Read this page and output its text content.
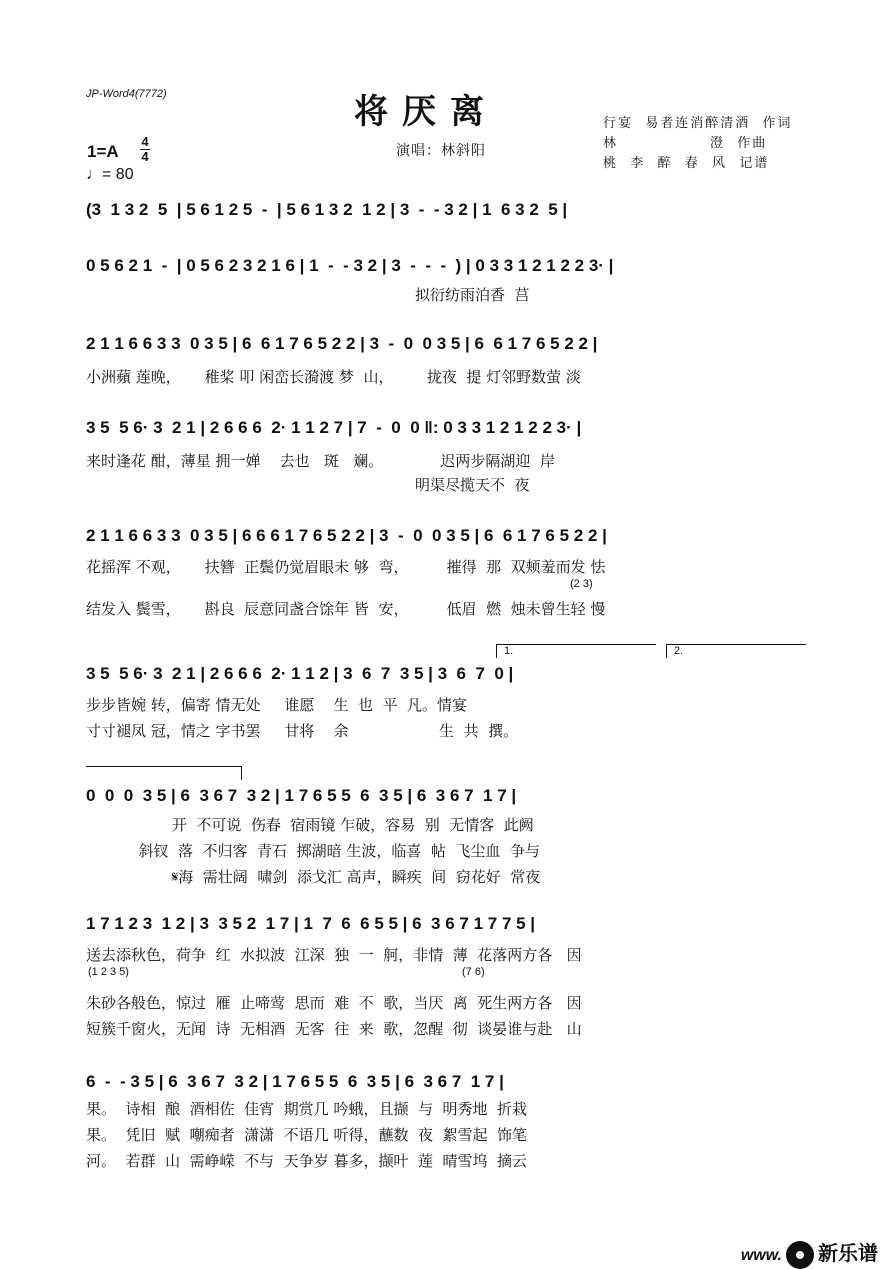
JP-Word4(7772)	将厌离
演唱：林斜阳
行宴  易者连消醉清酒  作词
林               澄  作曲
桃  李  醉  春  风  记谱
1=A
4
4
♩= 80
(3  1 3 2  5  | 5 6 1 2 5  -  | 5 6 1 3 2  1 2 | 3  -  - 3 2 | 1  6 3 2  5 |
0 5 6 2 1  -  | 0 5 6 2 3 2 1 6 | 1  -  - 3 2 | 3  -  -  -  ) | 0 3 3 1 2 1 2 2 3· |
拟衍纺雨泊香  莒
2 1 1 6 6 3 3  0 3 5 | 6  6 1 7 6 5 2 2 | 3  -  0  0 3 5 | 6  6 1 7 6 5 2 2 |
小洲蘋 莲晚，     稚桨 叩 闲峦长漪渡 梦  山，       拢夜  提 灯邻野数萤 淡
3 5  5 6· 3  2 1 | 2 6 6 6  2· 1 1 2 7 | 7  -  0  0 ‖: 0 3 3 1 2 1 2 2 3· |
来时逢花 酣，薄星 拥一婵    去也   斑   斓。            迟两步隔湖迎  岸
明渠尽揽天不  夜
2 1 1 6 6 3 3  0 3 5 | 6 6 6 1 7 6 5 2 2 | 3  -  0  0 3 5 | 6  6 1 7 6 5 2 2 |
花摇浑 不观，     扶簪  正鬓仍觉眉眼未 够  弯，        摧得  那  双颊羞而发 怯
(2 3)
结发入 鬓雪，     斟良  辰意同盏合馀年 皆  安，        低眉  燃  烛未曾生轻 慢
1.	2.
3 5  5 6· 3  2 1 | 2 6 6 6  2· 1 1 2 | 3  6  7  3 5 | 3  6  7  0 |
步步皆婉 转，偏寄 情无处     谁愿    生  也  平  凡。情宴
寸寸褪凤 冠，情之 字书罢     甘将    余                   生  共  撰。
0  0  0  3 5 | 6  3 6 7  3 2 | 1 7 6 5 5  6  3 5 | 6  3 6 7  1 7 |
开  不可说  伤春  宿雨镜 乍破，容易  别  无情客  此阙
斜钗  落  不归客  青石  掷湖暗 生波，临喜  帖  飞尘血  争与
𝄋海  需壮阔  啸剑  添戈汇 高声，瞬疾  间  窃花好  常夜
1 7 1 2 3  1 2 | 3  3 5 2  1 7 | 1  7  6  6 5 5 | 6  3 6 7 1 7 7 5 |
送去添秋色，荷争  红  水拟波  江深  独  一  舸，非情  薄  花落两方各   因
(1 2 3 5)	(7 6)
朱砂各般色，惊过  雁  止啼莺  思而  难  不  歌，当厌  离  死生两方各   因
短簇千窗火，无闻  诗  无相酒  无客  往  来  歌，忽醒  彻  谈晏谁与赴   山
6  -  - 3 5 | 6  3 6 7  3 2 | 1 7 6 5 5  6  3 5 | 6  3 6 7  1 7 |
果。  诗相  酿  酒相佐  佳宵  期赏几 吟蛾，且撷  与  明秀地  折栽
果。  凭旧  赋  嘲痴者  潇潇  不语几 听得，蘸数  夜  絮雪起  饰笔
河。  若群  山  需峥嵘  不与  天争岁 暮多，撷叶  莲  晴雪坞  摘云

www. 新乐谱
